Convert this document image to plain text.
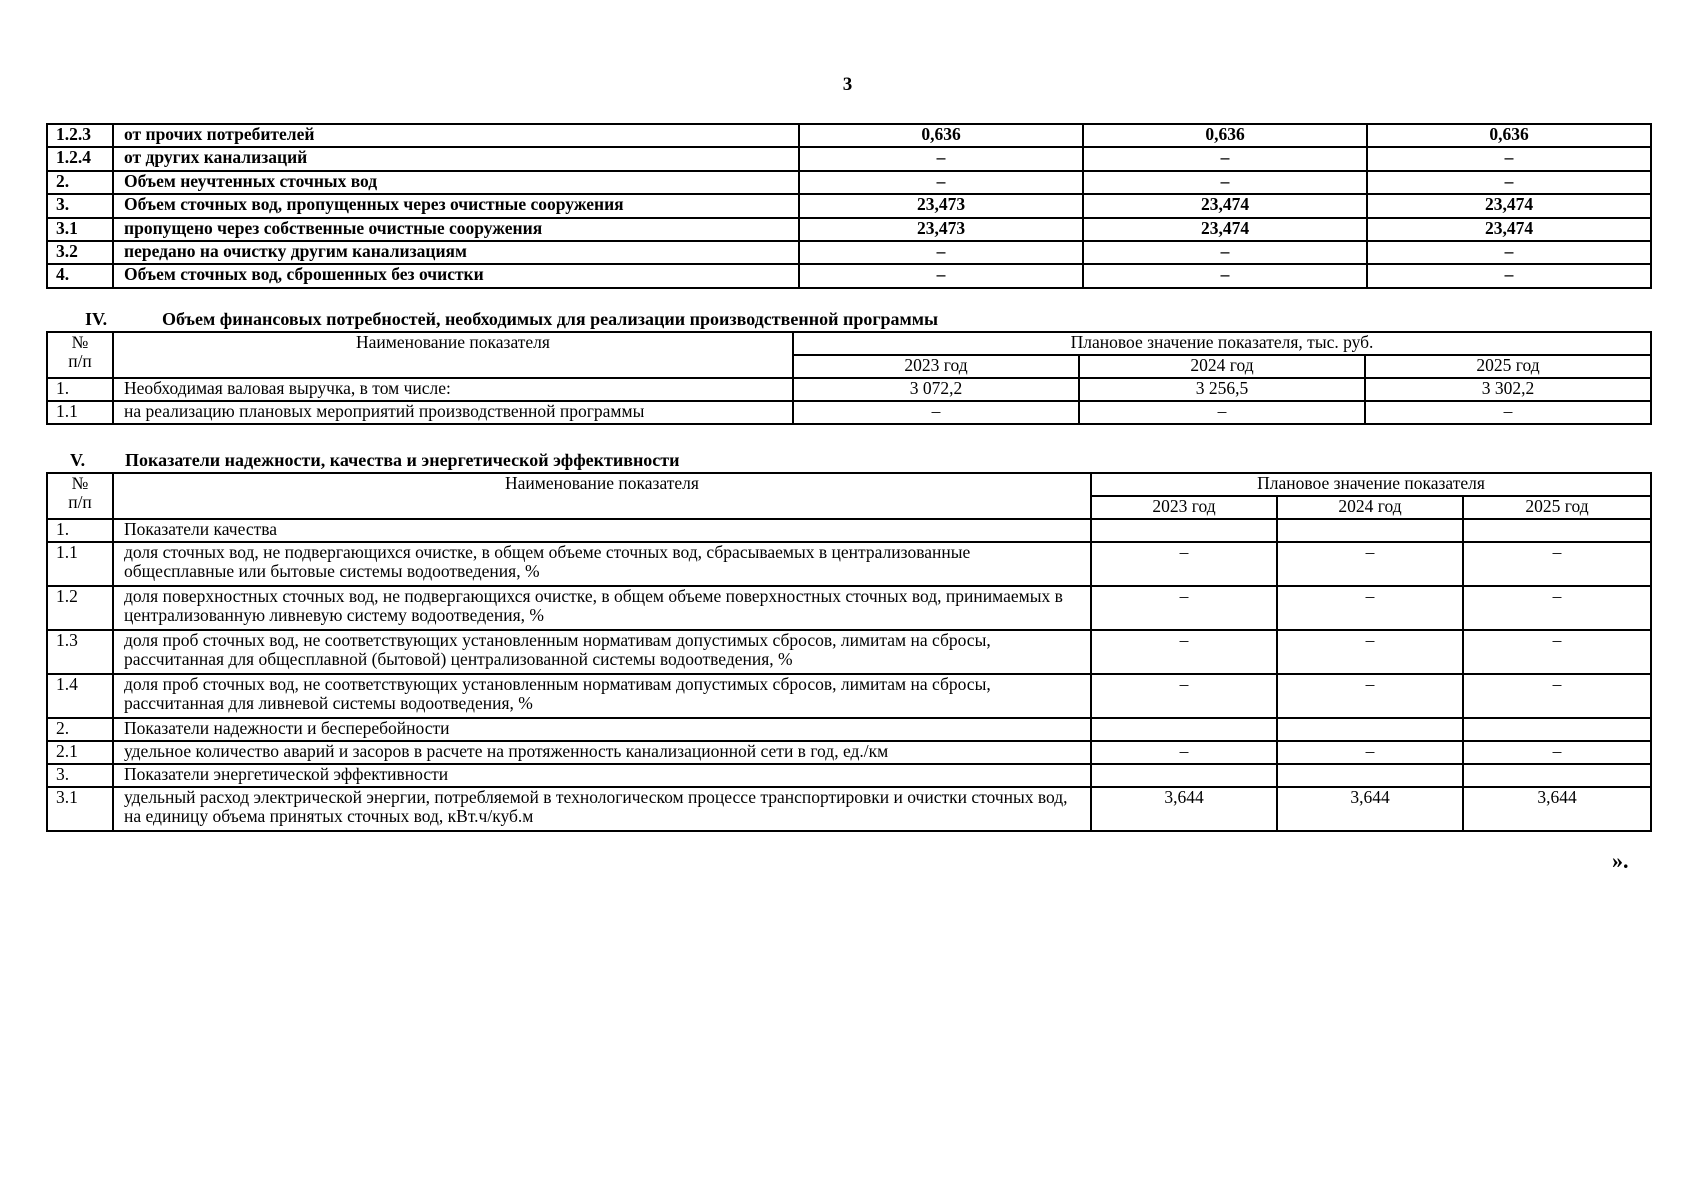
3
1.2.3	от прочих потребителей	0,636	0,636	0,636
1.2.4	от других канализаций	–	–	–
2.	Объем неучтенных сточных вод	–	–	–
3.	Объем сточных вод, пропущенных через очистные сооружения	23,473	23,474	23,474
3.1	пропущено через собственные очистные сооружения	23,473	23,474	23,474
3.2	передано на очистку другим канализациям	–	–	–
4.	Объем сточных вод, сброшенных без очистки	–	–	–
IV.	Объем финансовых потребностей, необходимых для реализации производственной программы
№
п/п	Наименование показателя	Плановое значение показателя, тыс. руб.		
		2023 год	2024 год	2025 год
1.	Необходимая валовая выручка, в том числе:	3 072,2	3 256,5	3 302,2
1.1	на реализацию плановых мероприятий производственной программы	–	–	–
V. Показатели надежности, качества и энергетической эффективности
№
п/п	Наименование показателя	Плановое значение показателя		
		2023 год	2024 год	2025 год
1.	Показатели качества			
1.1	доля сточных вод, не подвергающихся очистке, в общем объеме сточных вод, сбрасываемых в централизованные общесплавные или бытовые системы водоотведения, %	–	–	–
1.2	доля поверхностных сточных вод, не подвергающихся очистке, в общем объеме поверхностных сточных вод, принимаемых в централизованную ливневую систему водоотведения, %	–	–	–
1.3	доля проб сточных вод, не соответствующих установленным нормативам допустимых сбросов, лимитам на сбросы, рассчитанная для общесплавной (бытовой) централизованной системы водоотведения, %	–	–	–
1.4	доля проб сточных вод, не соответствующих установленным нормативам допустимых сбросов, лимитам на сбросы, рассчитанная для ливневой системы водоотведения, %	–	–	–
2.	Показатели надежности и бесперебойности			
2.1	удельное количество аварий и засоров в расчете на протяженность канализационной сети в год, ед./км	–	–	–
3.	Показатели энергетической эффективности			
3.1	удельный расход электрической энергии, потребляемой в технологическом процессе транспортировки и очистки сточных вод, на единицу объема принятых сточных вод, кВт.ч/куб.м	3,644	3,644	3,644
».
